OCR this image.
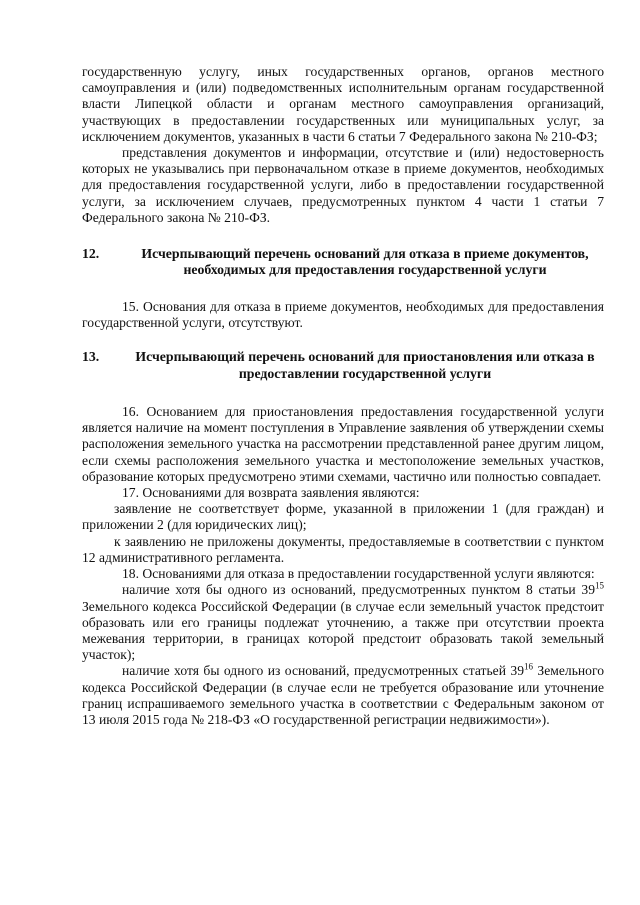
государственную услугу, иных государственных органов, органов местного самоуправления и (или) подведомственных исполнительным органам государственной власти Липецкой области и органам местного самоуправления организаций, участвующих в предоставлении государственных или муниципальных услуг, за исключением документов, указанных в части 6 статьи 7 Федерального закона № 210-ФЗ;

представления документов и информации, отсутствие и (или) недостоверность которых не указывались при первоначальном отказе в приеме документов, необходимых для предоставления государственной услуги, либо в предоставлении государственной услуги, за исключением случаев, предусмотренных пунктом 4 части 1 статьи 7 Федерального закона № 210-ФЗ.

12.	Исчерпывающий перечень оснований для отказа в приеме документов, необходимых для предоставления государственной услуги

15. Основания для отказа в приеме документов, необходимых для предоставления государственной услуги, отсутствуют.

13.	Исчерпывающий перечень оснований для приостановления или отказа в предоставлении государственной услуги

16. Основанием для приостановления предоставления государственной услуги является наличие на момент поступления в Управление заявления об утверждении схемы расположения земельного участка на рассмотрении представленной ранее другим лицом, если схемы расположения земельного участка и местоположение земельных участков, образование которых предусмотрено этими схемами, частично или полностью совпадает.

17. Основаниями для возврата заявления являются:

заявление не соответствует форме, указанной в приложении 1 (для граждан) и приложении 2 (для юридических лиц);

к заявлению не приложены документы, предоставляемые в соответствии с пунктом 12 административного регламента.

18. Основаниями для отказа в предоставлении государственной услуги являются:

наличие хотя бы одного из оснований, предусмотренных пунктом 8 статьи $39^{15}$ Земельного кодекса Российской Федерации (в случае если земельный участок предстоит образовать или его границы подлежат уточнению, а также при отсутствии проекта межевания территории, в границах которой предстоит образовать такой земельный участок);

наличие хотя бы одного из оснований, предусмотренных статьей $39^{16}$ Земельного кодекса Российской Федерации (в случае если не требуется образование или уточнение границ испрашиваемого земельного участка в соответствии с Федеральным законом от 13 июля 2015 года № 218-ФЗ «О государственной регистрации недвижимости»).
